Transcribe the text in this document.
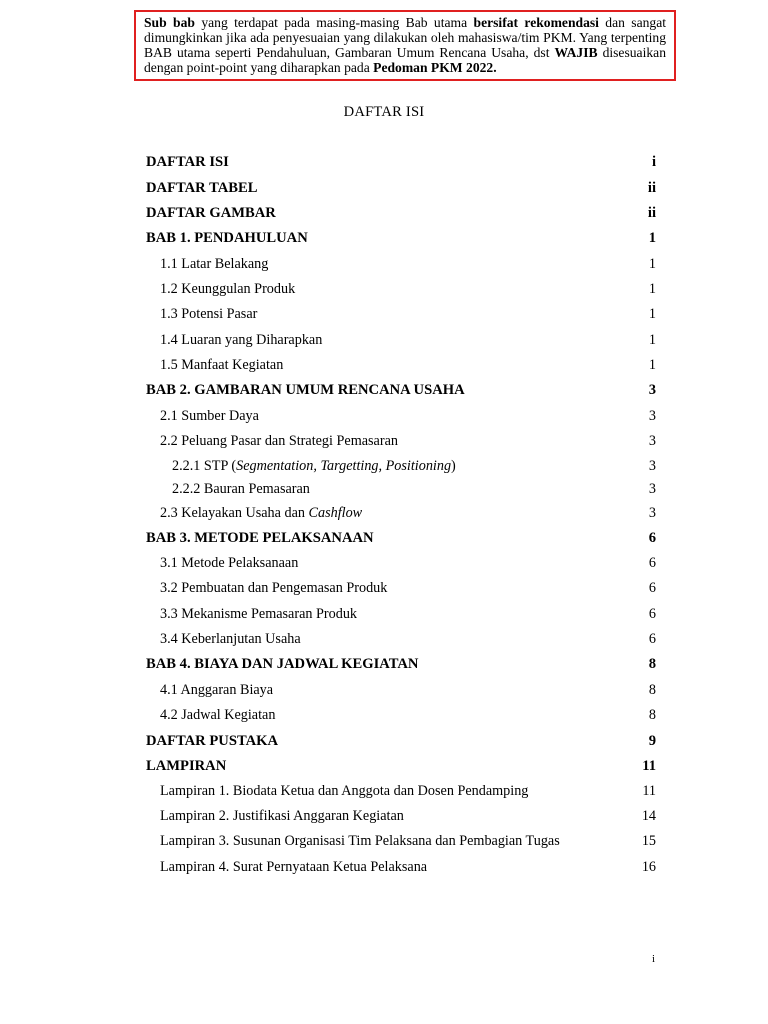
Sub bab yang terdapat pada masing-masing Bab utama bersifat rekomendasi dan sangat dimungkinkan jika ada penyesuaian yang dilakukan oleh mahasiswa/tim PKM. Yang terpenting BAB utama seperti Pendahuluan, Gambaran Umum Rencana Usaha, dst WAJIB disesuaikan dengan point-point yang diharapkan pada Pedoman PKM 2022.
DAFTAR ISI
DAFTAR ISI	i
DAFTAR TABEL	ii
DAFTAR GAMBAR	ii
BAB 1. PENDAHULUAN	1
1.1 Latar Belakang	1
1.2 Keunggulan Produk	1
1.3 Potensi Pasar	1
1.4 Luaran yang Diharapkan	1
1.5 Manfaat Kegiatan	1
BAB 2. GAMBARAN UMUM RENCANA USAHA	3
2.1 Sumber Daya	3
2.2 Peluang Pasar dan Strategi Pemasaran	3
2.2.1 STP (Segmentation, Targetting, Positioning)	3
2.2.2 Bauran Pemasaran	3
2.3 Kelayakan Usaha dan Cashflow	3
BAB 3. METODE PELAKSANAAN	6
3.1 Metode Pelaksanaan	6
3.2 Pembuatan dan Pengemasan Produk	6
3.3 Mekanisme Pemasaran Produk	6
3.4 Keberlanjutan Usaha	6
BAB 4. BIAYA DAN JADWAL KEGIATAN	8
4.1 Anggaran Biaya	8
4.2 Jadwal Kegiatan	8
DAFTAR PUSTAKA	9
LAMPIRAN	11
Lampiran 1. Biodata Ketua dan Anggota dan Dosen Pendamping	11
Lampiran 2. Justifikasi Anggaran Kegiatan	14
Lampiran 3. Susunan Organisasi Tim Pelaksana dan Pembagian Tugas	15
Lampiran 4. Surat Pernyataan Ketua Pelaksana	16
i
